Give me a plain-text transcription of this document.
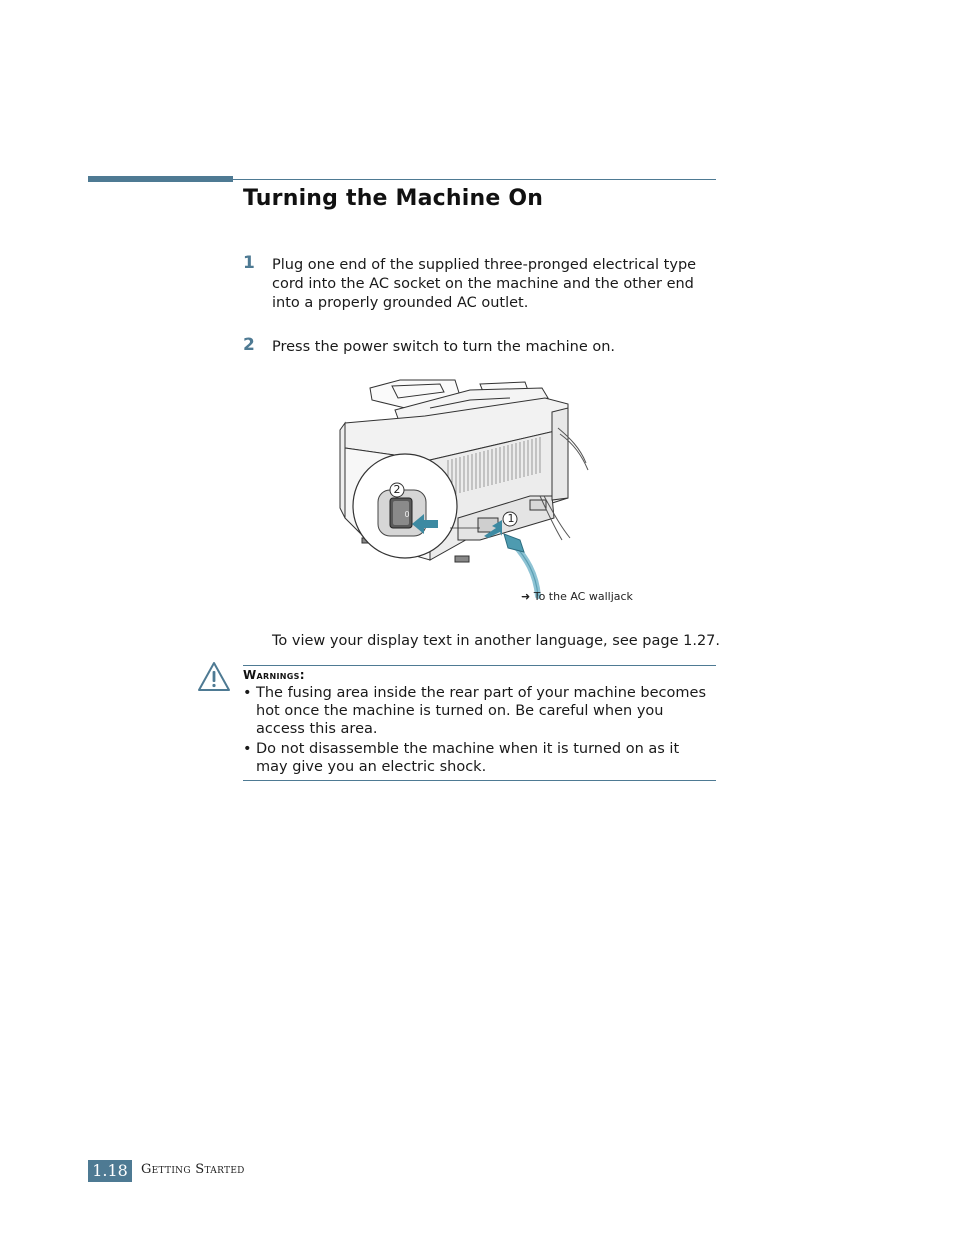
Turning the Machine On
1 Plug one end of the supplied three-pronged electrical type cord into the AC socket on the machine and the other end into a properly grounded AC outlet.
2 Press the power switch to turn the machine on.
1
2
0
➜ To the AC walljack
To view your display text in another language, see page 1.27.
Warnings:
• The fusing area inside the rear part of your machine becomes hot once the machine is turned on. Be careful when you access this area.
• Do not disassemble the machine when it is turned on as it may give you an electric shock.
1.18	Getting Started
